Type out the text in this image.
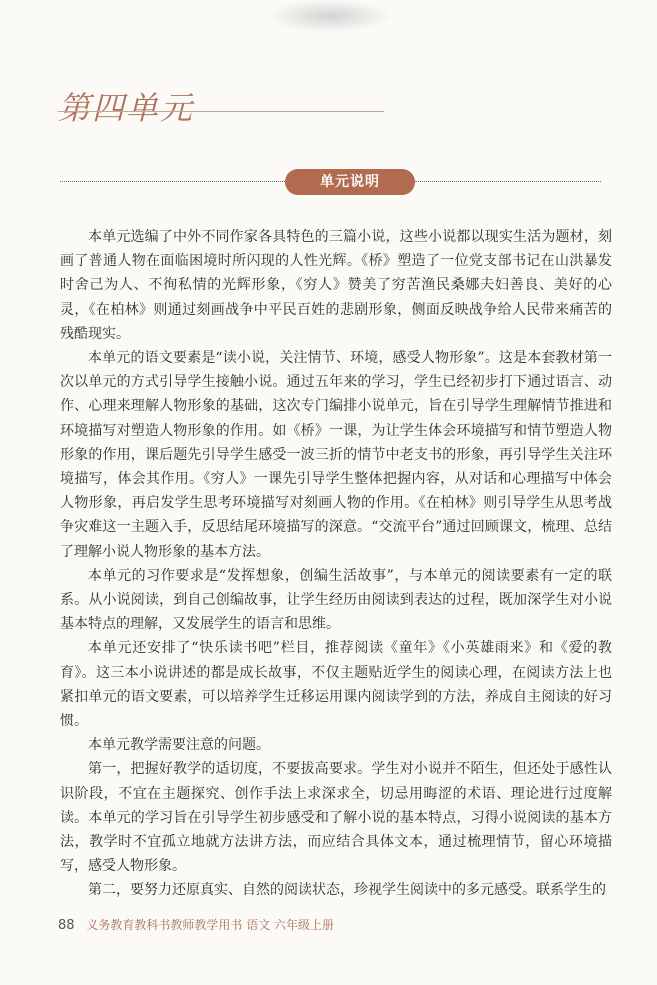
第四单元
单元说明

本单元选编了中外不同作家各具特色的三篇小说，这些小说都以现实生活为题材，刻画了普通人物在面临困境时所闪现的人性光辉。《桥》塑造了一位党支部书记在山洪暴发时舍己为人、不徇私情的光辉形象，《穷人》赞美了穷苦渔民桑娜夫妇善良、美好的心灵，《在柏林》则通过刻画战争中平民百姓的悲剧形象，侧面反映战争给人民带来痛苦的残酷现实。

本单元的语文要素是“读小说，关注情节、环境，感受人物形象”。这是本套教材第一次以单元的方式引导学生接触小说。通过五年来的学习，学生已经初步打下通过语言、动作、心理来理解人物形象的基础，这次专门编排小说单元，旨在引导学生理解情节推进和环境描写对塑造人物形象的作用。如《桥》一课，为让学生体会环境描写和情节塑造人物形象的作用，课后题先引导学生感受一波三折的情节中老支书的形象，再引导学生关注环境描写，体会其作用。《穷人》一课先引导学生整体把握内容，从对话和心理描写中体会人物形象，再启发学生思考环境描写对刻画人物的作用。《在柏林》则引导学生从思考战争灾难这一主题入手，反思结尾环境描写的深意。“交流平台”通过回顾课文，梳理、总结了理解小说人物形象的基本方法。

本单元的习作要求是“发挥想象，创编生活故事”，与本单元的阅读要素有一定的联系。从小说阅读，到自己创编故事，让学生经历由阅读到表达的过程，既加深学生对小说基本特点的理解，又发展学生的语言和思维。

本单元还安排了“快乐读书吧”栏目，推荐阅读《童年》《小英雄雨来》和《爱的教育》。这三本小说讲述的都是成长故事，不仅主题贴近学生的阅读心理，在阅读方法上也紧扣单元的语文要素，可以培养学生迁移运用课内阅读学到的方法，养成自主阅读的好习惯。

本单元教学需要注意的问题。

第一，把握好教学的适切度，不要拔高要求。学生对小说并不陌生，但还处于感性认识阶段，不宜在主题探究、创作手法上求深求全，切忌用晦涩的术语、理论进行过度解读。本单元的学习旨在引导学生初步感受和了解小说的基本特点，习得小说阅读的基本方法，教学时不宜孤立地就方法讲方法，而应结合具体文本，通过梳理情节，留心环境描写，感受人物形象。

第二，要努力还原真实、自然的阅读状态，珍视学生阅读中的多元感受。联系学生的

88 义务教育教科书教师教学用书 语文 六年级上册
